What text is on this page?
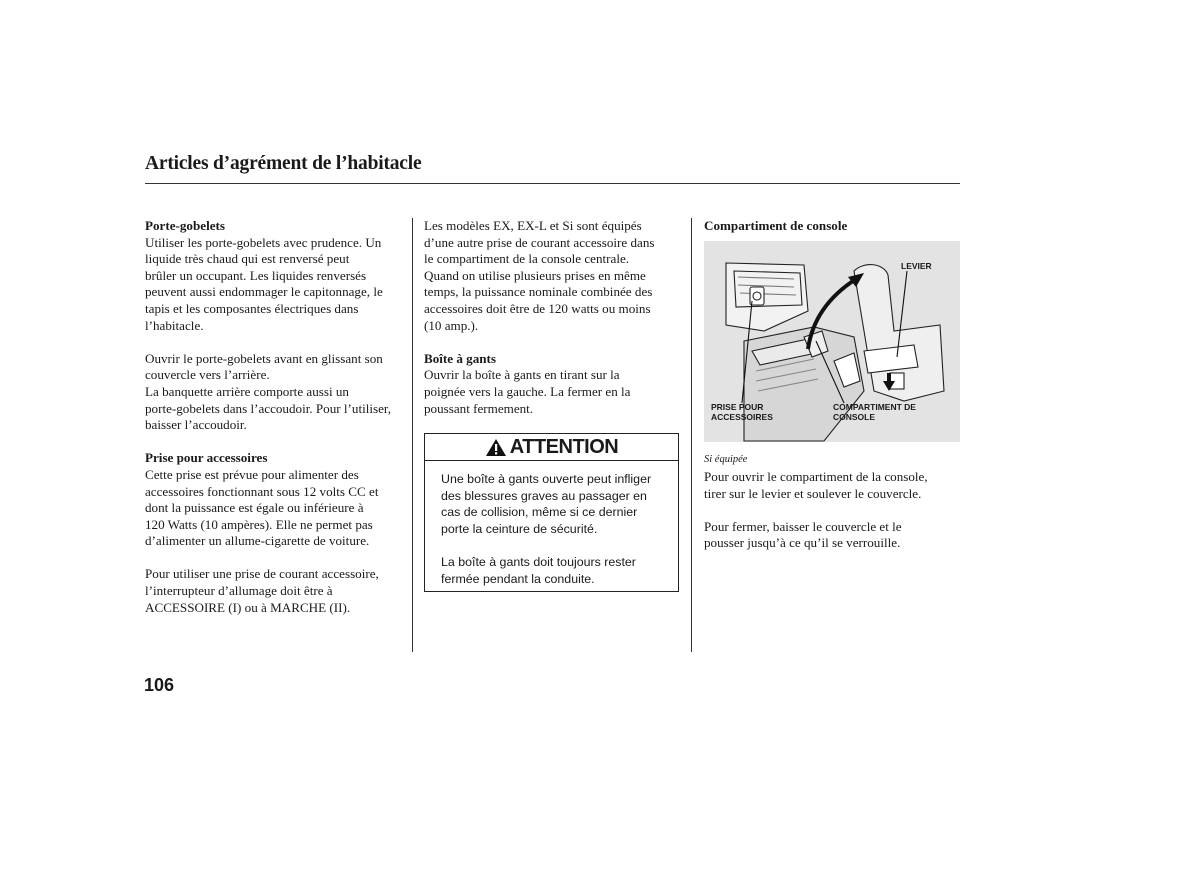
Articles d’agrément de l’habitacle

Porte-gobelets

Utiliser les porte-gobelets avec prudence. Un

liquide très chaud qui est renversé peut

brûler un occupant. Les liquides renversés

peuvent aussi endommager le capitonnage, le

tapis et les composantes électriques dans

l’habitacle.

Ouvrir le porte-gobelets avant en glissant son

couvercle vers l’arrière.

La banquette arrière comporte aussi un

porte-gobelets dans l’accoudoir. Pour l’utiliser,

baisser l’accoudoir.

Prise pour accessoires

Cette prise est prévue pour alimenter des

accessoires fonctionnant sous 12 volts CC et

dont la puissance est égale ou inférieure à

120 Watts (10 ampères). Elle ne permet pas

d’alimenter un allume-cigarette de voiture.

Pour utiliser une prise de courant accessoire,

l’interrupteur d’allumage doit être à

ACCESSOIRE (I) ou à MARCHE (II).

Les modèles EX, EX-L et Si sont équipés

d’une autre prise de courant accessoire dans

le compartiment de la console centrale.

Quand on utilise plusieurs prises en même

temps, la puissance nominale combinée des

accessoires doit être de 120 watts ou moins

(10 amp.).

Boîte à gants

Ouvrir la boîte à gants en tirant sur la

poignée vers la gauche. La fermer en la

poussant fermement.

ATTENTION

Une boîte à gants ouverte peut infliger

des blessures graves au passager en

cas de collision, même si ce dernier

porte la ceinture de sécurité.

La boîte à gants doit toujours rester

fermée pendant la conduite.

Compartiment de console

LEVIER
PRISE POUR
ACCESSOIRES
COMPARTIMENT DE
CONSOLE
Si équipée

Pour ouvrir le compartiment de la console,

tirer sur le levier et soulever le couvercle.

Pour fermer, baisser le couvercle et le

pousser jusqu’à ce qu’il se verrouille.

106
